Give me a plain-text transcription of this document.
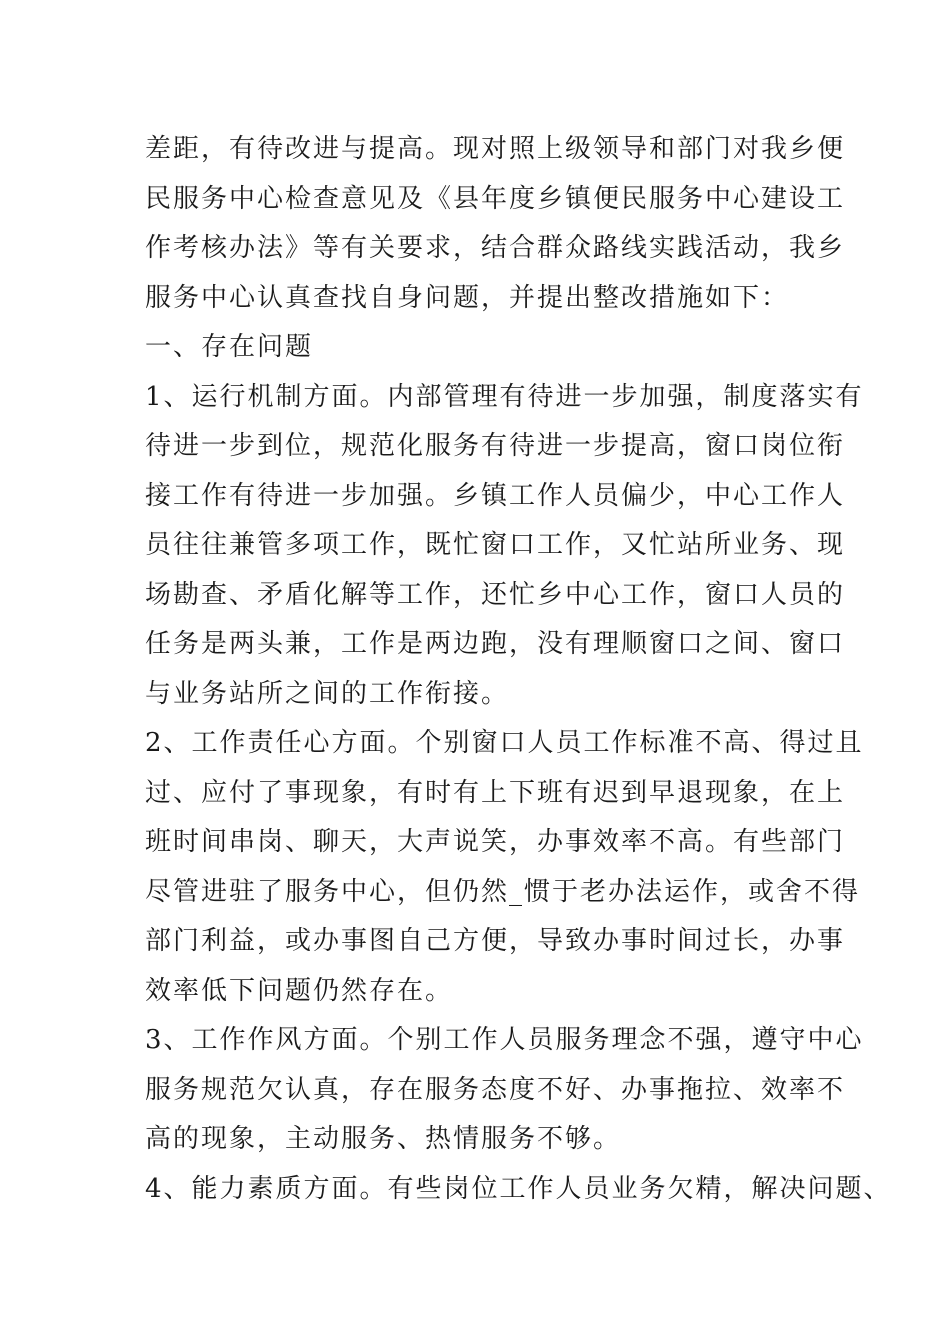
差距，有待改进与提高。现对照上级领导和部门对我乡便
民服务中心检查意见及《县年度乡镇便民服务中心建设工
作考核办法》等有关要求，结合群众路线实践活动，我乡
服务中心认真查找自身问题，并提出整改措施如下：
一、存在问题
1、运行机制方面。内部管理有待进一步加强，制度落实有
待进一步到位，规范化服务有待进一步提高，窗口岗位衔
接工作有待进一步加强。乡镇工作人员偏少，中心工作人
员往往兼管多项工作，既忙窗口工作，又忙站所业务、现
场勘查、矛盾化解等工作，还忙乡中心工作，窗口人员的
任务是两头兼，工作是两边跑，没有理顺窗口之间、窗口
与业务站所之间的工作衔接。
2、工作责任心方面。个别窗口人员工作标准不高、得过且
过、应付了事现象，有时有上下班有迟到早退现象，在上
班时间串岗、聊天，大声说笑，办事效率不高。有些部门
尽管进驻了服务中心，但仍然_惯于老办法运作，或舍不得
部门利益，或办事图自己方便，导致办事时间过长，办事
效率低下问题仍然存在。
3、工作作风方面。个别工作人员服务理念不强，遵守中心
服务规范欠认真，存在服务态度不好、办事拖拉、效率不
高的现象，主动服务、热情服务不够。
4、能力素质方面。有些岗位工作人员业务欠精，解决问题、
